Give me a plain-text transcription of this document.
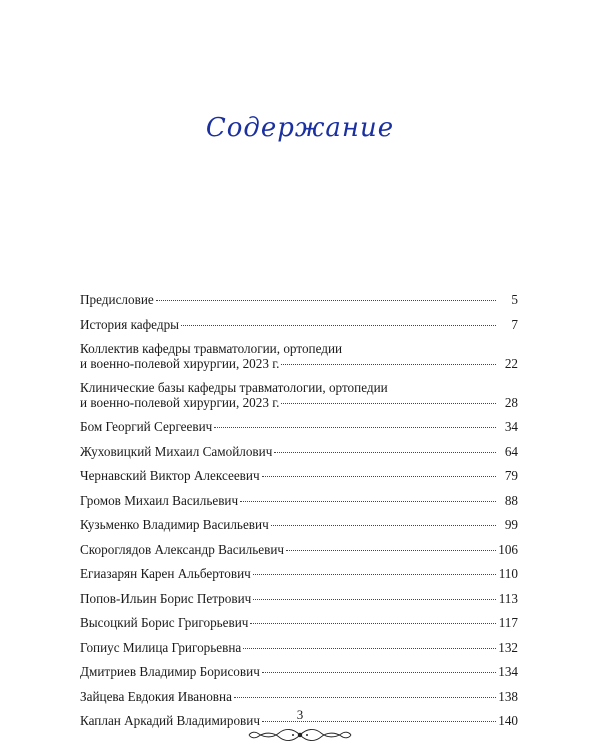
Содержание
Предисловие	5
История кафедры	7
Коллектив кафедры травматологии, ортопедии
и военно-полевой хирургии, 2023 г.	22
Клинические базы кафедры травматологии, ортопедии
и военно-полевой хирургии, 2023 г.	28
Бом Георгий Сергеевич	34
Жуховицкий Михаил Самойлович	64
Чернавский Виктор Алексеевич	79
Громов Михаил Васильевич	88
Кузьменко Владимир Васильевич	99
Скороглядов Александр Васильевич	106
Егиазарян Карен Альбертович	110
Попов-Ильин Борис Петрович	113
Высоцкий Борис Григорьевич	117
Гопиус Милица Григорьевна	132
Дмитриев Владимир Борисович	134
Зайцева Евдокия Ивановна	138
Каплан Аркадий Владимирович	140
3
